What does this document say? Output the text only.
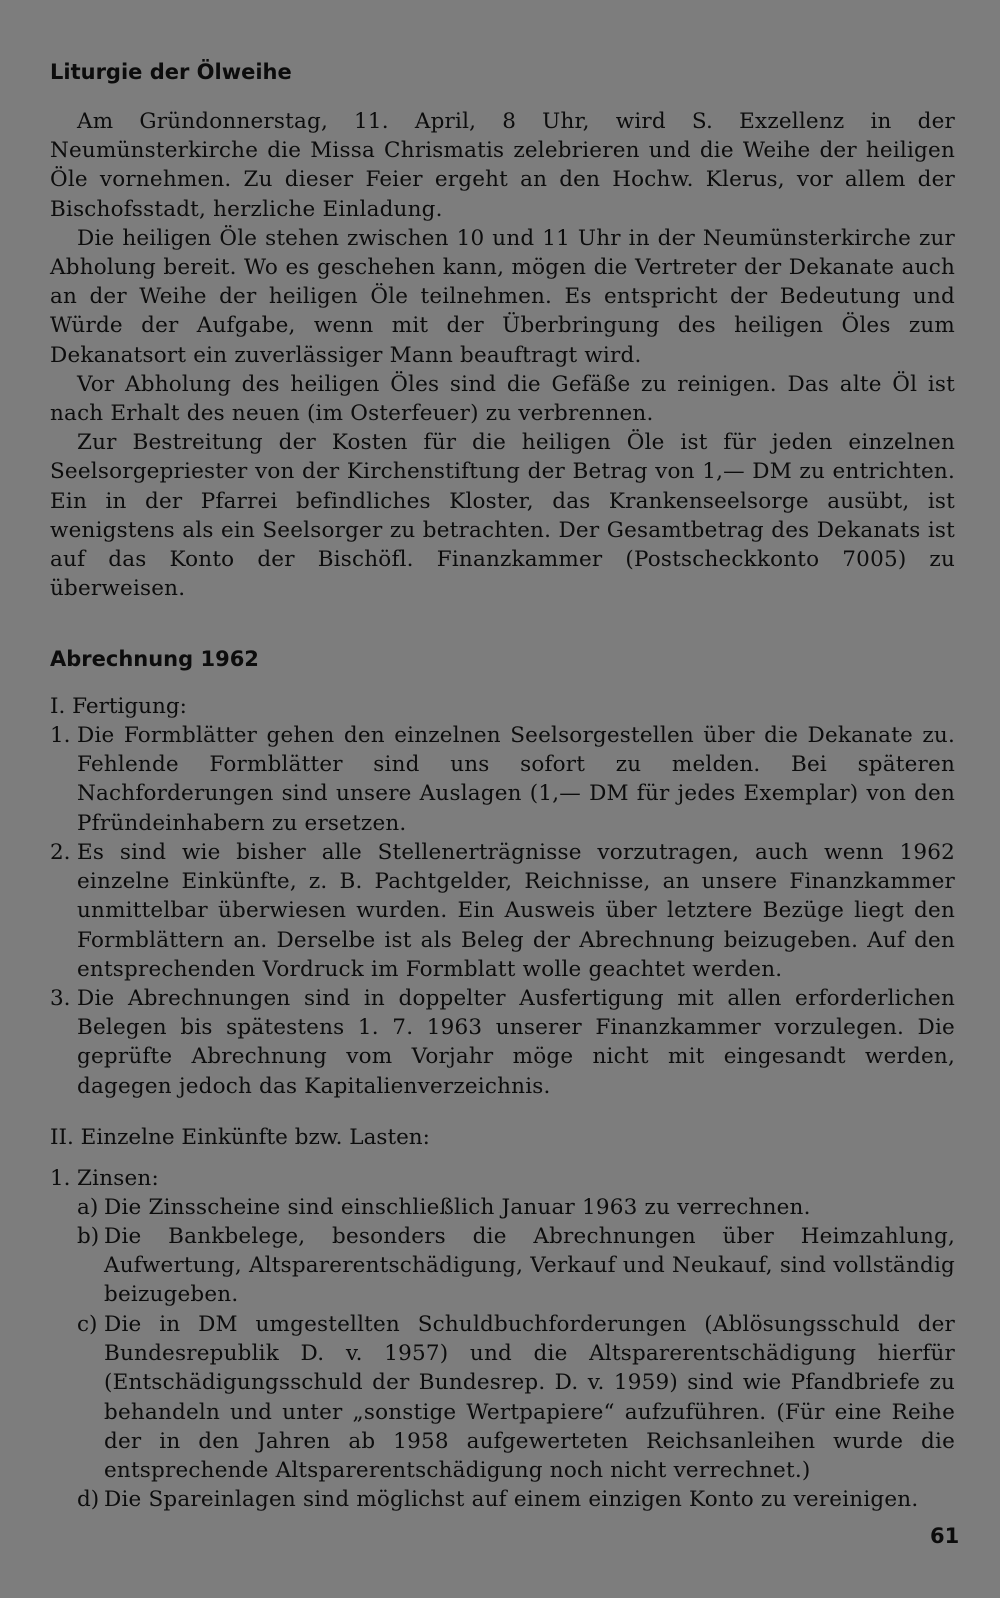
Liturgie der Ölweihe

Am Gründonnerstag, 11. April, 8 Uhr, wird S. Exzellenz in der Neumünsterkirche die Missa Chrismatis zelebrieren und die Weihe der heiligen Öle vornehmen. Zu dieser Feier ergeht an den Hochw. Klerus, vor allem der Bischofsstadt, herzliche Einladung.

Die heiligen Öle stehen zwischen 10 und 11 Uhr in der Neumünsterkirche zur Abholung bereit. Wo es geschehen kann, mögen die Vertreter der Dekanate auch an der Weihe der heiligen Öle teilnehmen. Es entspricht der Bedeutung und Würde der Aufgabe, wenn mit der Überbringung des heiligen Öles zum Dekanatsort ein zuverlässiger Mann beauftragt wird.

Vor Abholung des heiligen Öles sind die Gefäße zu reinigen. Das alte Öl ist nach Erhalt des neuen (im Osterfeuer) zu verbrennen.

Zur Bestreitung der Kosten für die heiligen Öle ist für jeden einzelnen Seelsorgepriester von der Kirchenstiftung der Betrag von 1,— DM zu entrichten. Ein in der Pfarrei befindliches Kloster, das Krankenseelsorge ausübt, ist wenigstens als ein Seelsorger zu betrachten. Der Gesamtbetrag des Dekanats ist auf das Konto der Bischöfl. Finanzkammer (Postscheckkonto 7005) zu überweisen.

Abrechnung 1962
I. Fertigung:
1. Die Formblätter gehen den einzelnen Seelsorgestellen über die Dekanate zu. Fehlende Formblätter sind uns sofort zu melden. Bei späteren Nachforderungen sind unsere Auslagen (1,— DM für jedes Exemplar) von den Pfründeinhabern zu ersetzen.

2. Es sind wie bisher alle Stellenerträgnisse vorzutragen, auch wenn 1962 einzelne Einkünfte, z. B. Pachtgelder, Reichnisse, an unsere Finanzkammer unmittelbar überwiesen wurden. Ein Ausweis über letztere Bezüge liegt den Formblättern an. Derselbe ist als Beleg der Abrechnung beizugeben. Auf den entsprechenden Vordruck im Formblatt wolle geachtet werden.

3. Die Abrechnungen sind in doppelter Ausfertigung mit allen erforderlichen Belegen bis spätestens 1. 7. 1963 unserer Finanzkammer vorzulegen. Die geprüfte Abrechnung vom Vorjahr möge nicht mit eingesandt werden, dagegen jedoch das Kapitalienverzeichnis.

II. Einzelne Einkünfte bzw. Lasten:
1. Zinsen:

a) Die Zinsscheine sind einschließlich Januar 1963 zu verrechnen.

b) Die Bankbelege, besonders die Abrechnungen über Heimzahlung, Aufwertung, Altsparerentschädigung, Verkauf und Neukauf, sind vollständig beizugeben.

c) Die in DM umgestellten Schuldbuchforderungen (Ablösungsschuld der Bundesrepublik D. v. 1957) und die Altsparerentschädigung hierfür (Entschädigungsschuld der Bundesrep. D. v. 1959) sind wie Pfandbriefe zu behandeln und unter „sonstige Wertpapiere“ aufzuführen. (Für eine Reihe der in den Jahren ab 1958 aufgewerteten Reichsanleihen wurde die entsprechende Altsparerentschädigung noch nicht verrechnet.)

d) Die Spareinlagen sind möglichst auf einem einzigen Konto zu vereinigen.

61
